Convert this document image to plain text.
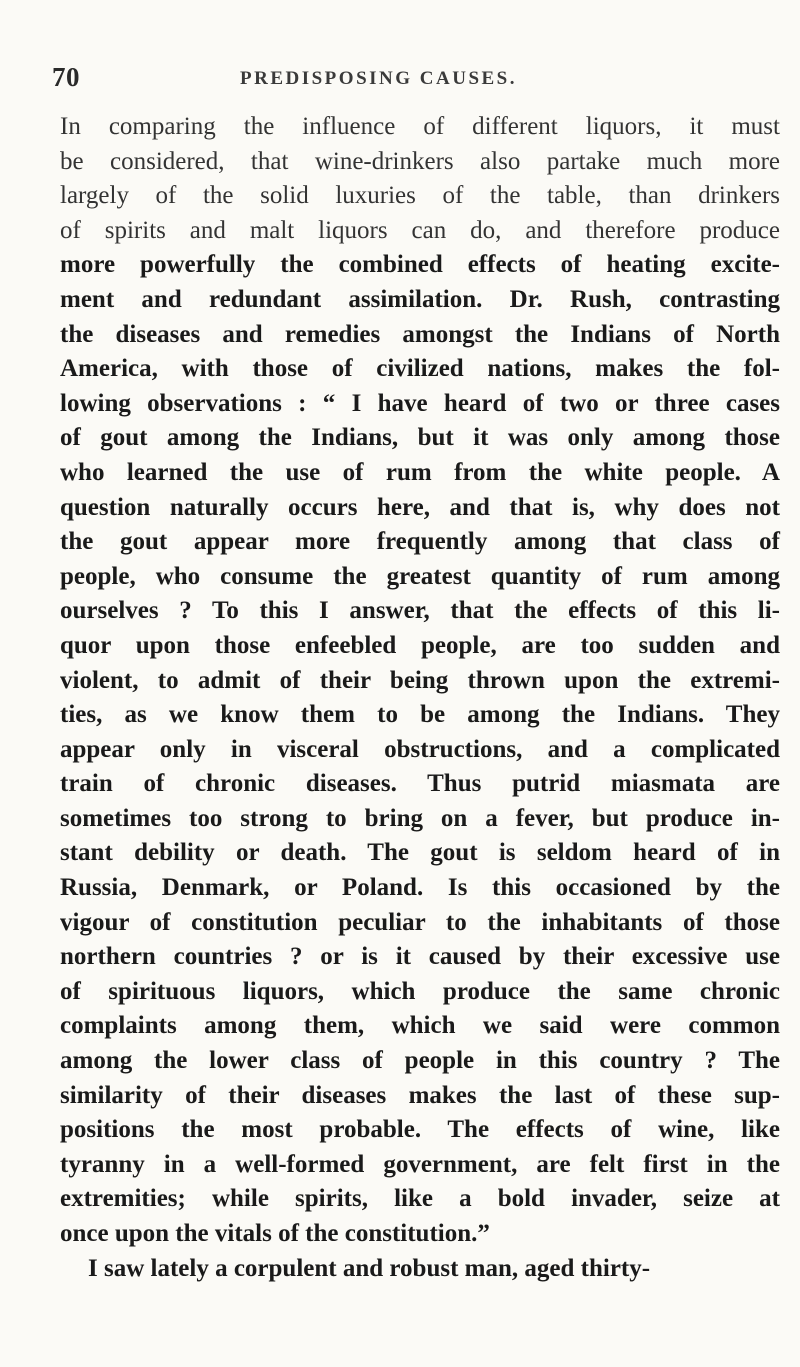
70	PREDISPOSING CAUSES.
In comparing the influence of different liquors, it must
be considered, that wine-drinkers also partake much more
largely of the solid luxuries of the table, than drinkers
of spirits and malt liquors can do, and therefore produce
more powerfully the combined effects of heating excite-
ment and redundant assimilation. Dr. Rush, contrasting
the diseases and remedies amongst the Indians of North
America, with those of civilized nations, makes the fol-
lowing observations : “ I have heard of two or three cases
of gout among the Indians, but it was only among those
who learned the use of rum from the white people. A
question naturally occurs here, and that is, why does not
the gout appear more frequently among that class of
people, who consume the greatest quantity of rum among
ourselves ? To this I answer, that the effects of this li-
quor upon those enfeebled people, are too sudden and
violent, to admit of their being thrown upon the extremi-
ties, as we know them to be among the Indians. They
appear only in visceral obstructions, and a complicated
train of chronic diseases. Thus putrid miasmata are
sometimes too strong to bring on a fever, but produce in-
stant debility or death. The gout is seldom heard of in
Russia, Denmark, or Poland. Is this occasioned by the
vigour of constitution peculiar to the inhabitants of those
northern countries ? or is it caused by their excessive use
of spirituous liquors, which produce the same chronic
complaints among them, which we said were common
among the lower class of people in this country ? The
similarity of their diseases makes the last of these sup-
positions the most probable. The effects of wine, like
tyranny in a well-formed government, are felt first in the
extremities; while spirits, like a bold invader, seize at
once upon the vitals of the constitution.”
I saw lately a corpulent and robust man, aged thirty-
